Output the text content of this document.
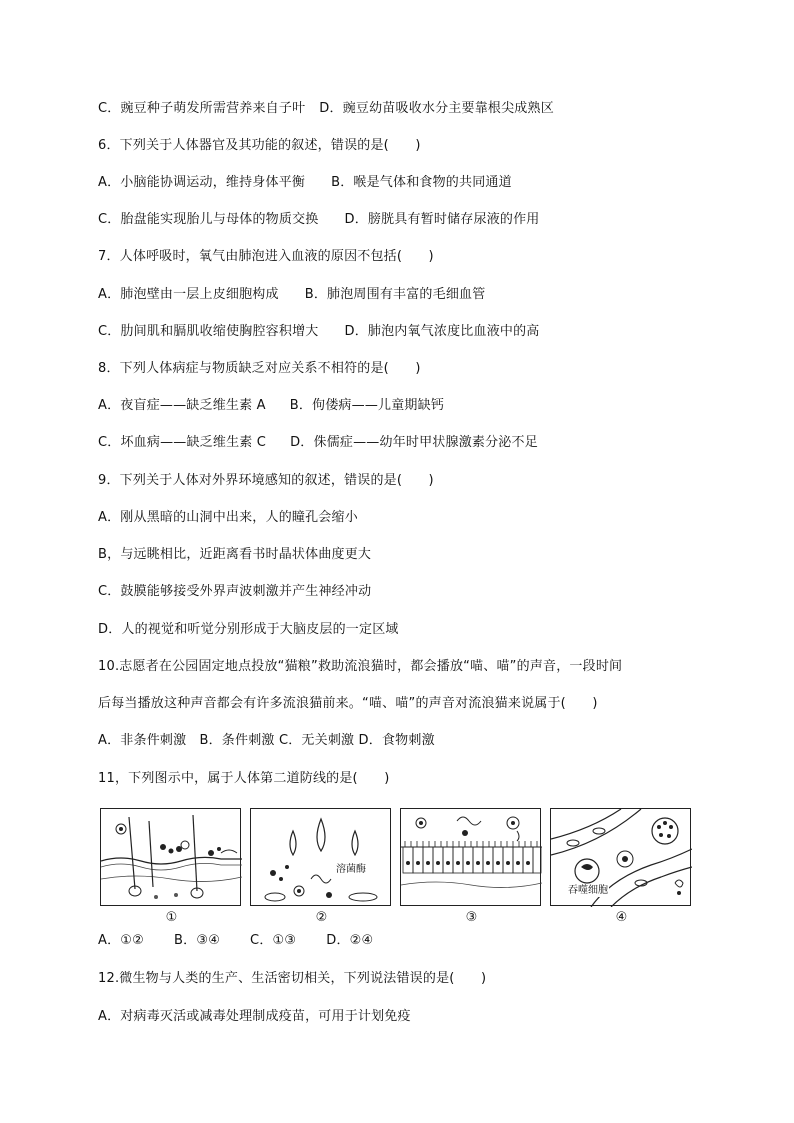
C．豌豆种子萌发所需营养来自子叶 D．豌豆幼苗吸收水分主要靠根尖成熟区
6．下列关于人体器官及其功能的叙述，错误的是(　　)
A．小脑能协调运动，维持身体平衡 B．喉是气体和食物的共同通道
C．胎盘能实现胎儿与母体的物质交换 D．膀胱具有暂时储存尿液的作用
7．人体呼吸时，氧气由肺泡进入血液的原因不包括(　　)
A．肺泡壁由一层上皮细胞构成 B．肺泡周围有丰富的毛细血管
C．肋间肌和膈肌收缩使胸腔容积增大 D．肺泡内氧气浓度比血液中的高
8．下列人体病症与物质缺乏对应关系不相符的是(　　)
A．夜盲症——缺乏维生素 A B．佝偻病——儿童期缺钙
C．坏血病——缺乏维生素 C D．侏儒症——幼年时甲状腺激素分泌不足
9．下列关于人体对外界环境感知的叙述，错误的是(　　)
A．刚从黑暗的山洞中出来，人的瞳孔会缩小
B，与远眺相比，近距离看书时晶状体曲度更大
C．鼓膜能够接受外界声波刺激并产生神经冲动
D．人的视觉和听觉分别形成于大脑皮层的一定区域
10.志愿者在公园固定地点投放“猫粮”救助流浪猫时，都会播放“喵、喵”的声音，一段时间
后每当播放这种声音都会有许多流浪猫前来。“喵、喵”的声音对流浪猫来说属于(　　)
A．非条件刺激　B．条件刺激 C．无关刺激 D．食物刺激
11，下列图示中，属于人体第二道防线的是(　　)
①
溶菌酶
②	③
吞噬细胞
④
A．①② B．③④ C．①③ D．②④
12.微生物与人类的生产、生活密切相关，下列说法错误的是(　　)
A．对病毒灭活或减毒处理制成疫苗，可用于计划免疫
